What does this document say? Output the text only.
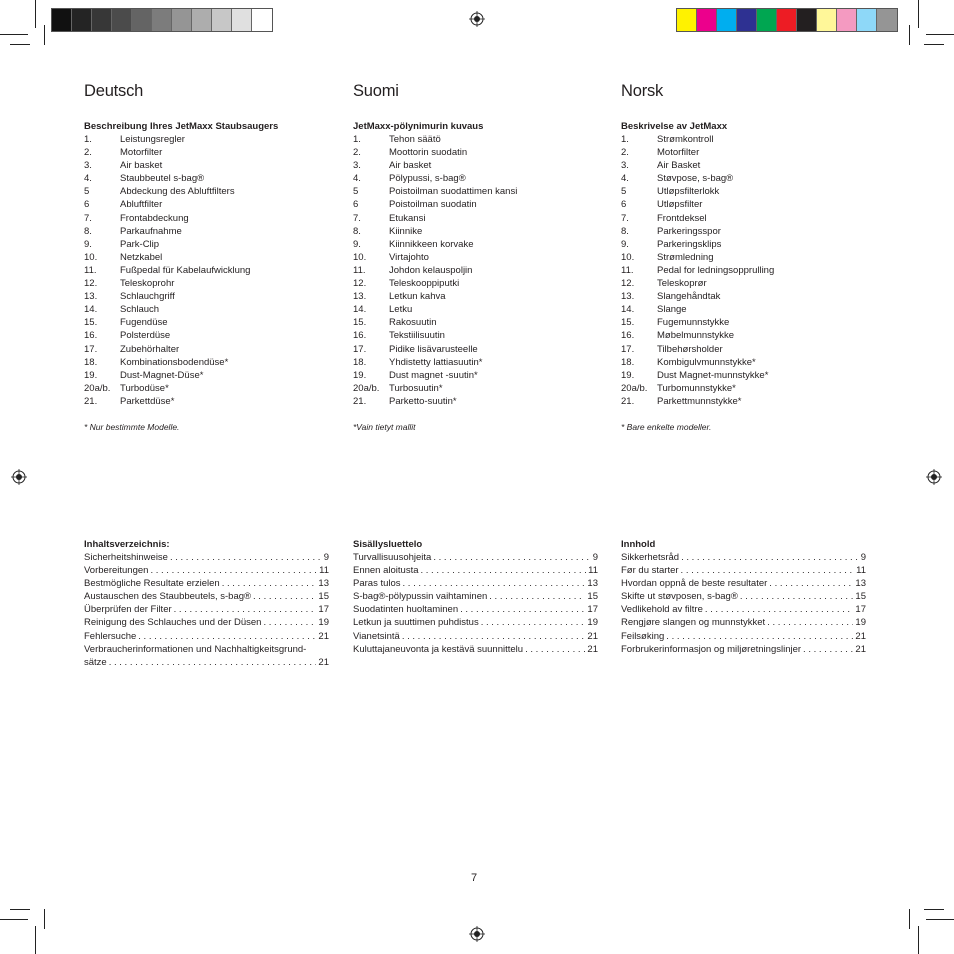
Deutsch
Beschreibung Ihres JetMaxx Staubsaugers
1.	Leistungsregler
2.	Motorfilter
3.	Air basket
4.	Staubbeutel s-bag®
5	Abdeckung des Abluftfilters
6	Abluftfilter
7.	Frontabdeckung
8.	Parkaufnahme
9.	Park-Clip
10.	Netzkabel
11.	Fußpedal für Kabelaufwicklung
12.	Teleskoprohr
13.	Schlauchgriff
14.	Schlauch
15.	Fugendüse
16.	Polsterdüse
17.	Zubehörhalter
18.	Kombinationsbodendüse*
19.	Dust-Magnet-Düse*
20a/b.	Turbodüse*
21.	Parkettdüse*
* Nur bestimmte Modelle.
Suomi
JetMaxx-pölynimurin kuvaus
1.	Tehon säätö
2.	Moottorin suodatin
3.	Air basket
4.	Pölypussi, s-bag®
5	Poistoilman suodattimen kansi
6	Poistoilman suodatin
7.	Etukansi
8.	Kiinnike
9.	Kiinnikkeen korvake
10.	Virtajohto
11.	Johdon kelauspoljin
12.	Teleskooppiputki
13.	Letkun kahva
14.	Letku
15.	Rakosuutin
16.	Tekstiilisuutin
17.	Pidike lisävarusteelle
18.	Yhdistetty lattiasuutin*
19.	Dust magnet -suutin*
20a/b.	Turbosuutin*
21.	Parketto-suutin*
*Vain tietyt mallit
Norsk
Beskrivelse av JetMaxx
1.	Strømkontroll
2.	Motorfilter
3.	Air Basket
4.	Støvpose, s-bag®
5	Utløpsfilterlokk
6	Utløpsfilter
7.	Frontdeksel
8.	Parkeringsspor
9.	Parkeringsklips
10.	Strømledning
11.	Pedal for ledningsopprulling
12.	Teleskoprør
13.	Slangehåndtak
14.	Slange
15.	Fugemunnstykke
16.	Møbelmunnstykke
17.	Tilbehørsholder
18.	Kombigulvmunnstykke*
19.	Dust Magnet-munnstykke*
20a/b.	Turbomunnstykke*
21.	Parkettmunnstykke*
* Bare enkelte modeller.
Inhaltsverzeichnis:
Sicherheitshinweise . . .	9
Vorbereitungen . . .	11
Bestmögliche Resultate erzielen . . .	13
Austauschen des Staubbeutels, s-bag® . . .	15
Überprüfen der Filter . . .	17
Reinigung des Schlauches und der Düsen . . .	19
Fehlersuche . . .	21
Verbraucherinformationen und Nachhaltigkeitsgrund-
sätze . . .	21
Sisällysluettelo
Turvallisuusohjeita . . .	9
Ennen aloitusta . . .	11
Paras tulos . . .	13
S-bag®-pölypussin vaihtaminen . . .	15
Suodatinten huoltaminen . . .	17
Letkun ja suuttimen puhdistus . . .	19
Vianetsintä . . .	21
Kuluttajaneuvonta ja kestävä suunnittelu . . .	21
Innhold
Sikkerhetsråd . . .	9
Før du starter . . .	11
Hvordan oppnå de beste resultater . . .	13
Skifte ut støvposen, s-bag® . . .	15
Vedlikehold av filtre . . .	17
Rengjøre slangen og munnstykket . . .	19
Feilsøking . . .	21
Forbrukerinformasjon og miljøretningslinjer . . .	21
7
